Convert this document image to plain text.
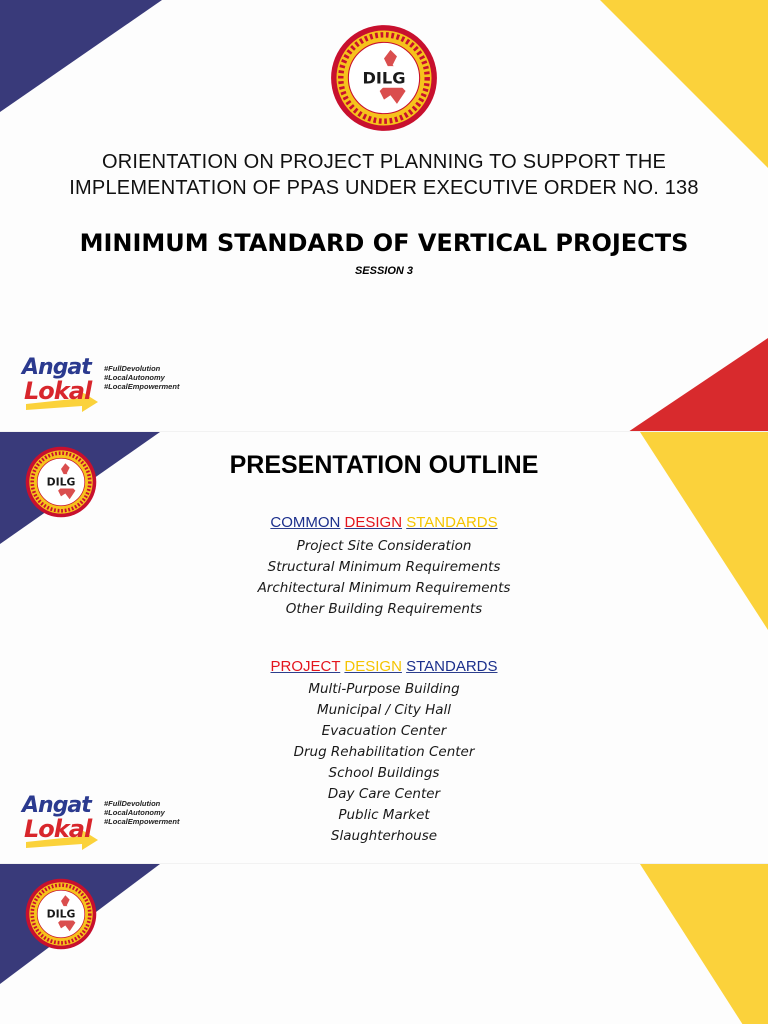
DILG
ORIENTATION ON PROJECT PLANNING TO SUPPORT THE
IMPLEMENTATION OF PPAS UNDER EXECUTIVE ORDER NO. 138
MINIMUM STANDARD OF VERTICAL PROJECTS
SESSION 3
Angat
Lokal
#FullDevolution
#LocalAutonomy
#LocalEmpowerment
DILG
PRESENTATION OUTLINE
COMMON DESIGN STANDARDS
Project Site Consideration
Structural Minimum Requirements
Architectural Minimum Requirements
Other Building Requirements
PROJECT DESIGN STANDARDS
Multi-Purpose Building
Municipal / City Hall
Evacuation Center
Drug Rehabilitation Center
School Buildings
Day Care Center
Public Market
Slaughterhouse
Angat
Lokal
#FullDevolution
#LocalAutonomy
#LocalEmpowerment
DILG
